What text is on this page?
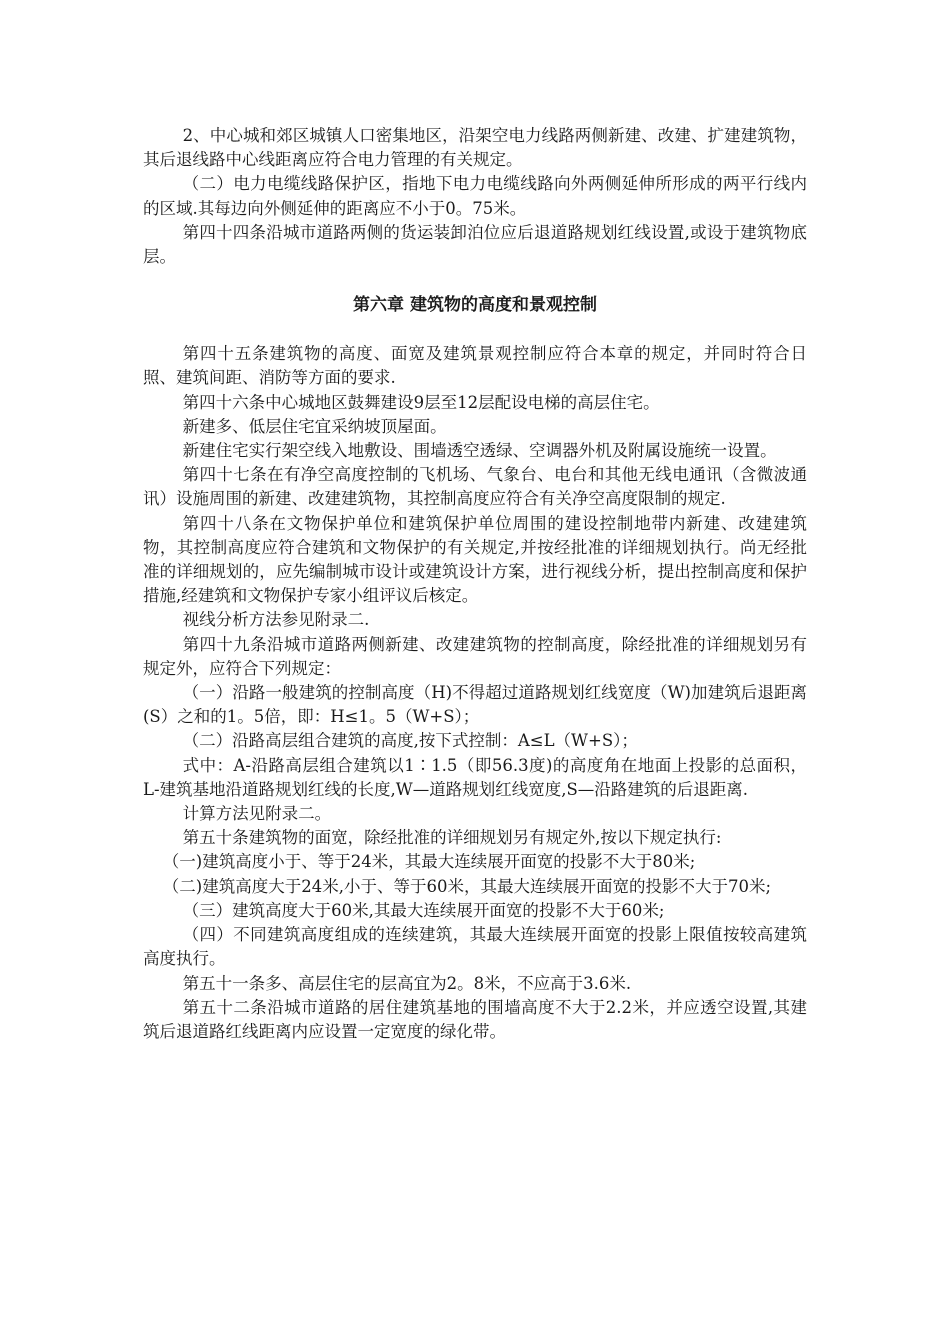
2、中心城和郊区城镇人口密集地区，沿架空电力线路两侧新建、改建、扩建建筑物，其后退线路中心线距离应符合电力管理的有关规定。

（二）电力电缆线路保护区，指地下电力电缆线路向外两侧延伸所形成的两平行线内的区域.其每边向外侧延伸的距离应不小于0。75米。

第四十四条沿城市道路两侧的货运装卸泊位应后退道路规划红线设置,或设于建筑物底层。

第六章 建筑物的高度和景观控制

第四十五条建筑物的高度、面宽及建筑景观控制应符合本章的规定，并同时符合日照、建筑间距、消防等方面的要求.

第四十六条中心城地区鼓舞建设9层至12层配设电梯的高层住宅。

新建多、低层住宅宜采纳坡顶屋面。

新建住宅实行架空线入地敷设、围墙透空透绿、空调器外机及附属设施统一设置。

第四十七条在有净空高度控制的飞机场、气象台、电台和其他无线电通讯（含微波通讯）设施周围的新建、改建建筑物，其控制高度应符合有关净空高度限制的规定.

第四十八条在文物保护单位和建筑保护单位周围的建设控制地带内新建、改建建筑物，其控制高度应符合建筑和文物保护的有关规定,并按经批准的详细规划执行。尚无经批准的详细规划的，应先编制城市设计或建筑设计方案，进行视线分析，提出控制高度和保护措施,经建筑和文物保护专家小组评议后核定。

视线分析方法参见附录二.

第四十九条沿城市道路两侧新建、改建建筑物的控制高度，除经批准的详细规划另有规定外，应符合下列规定：

（一）沿路一般建筑的控制高度（H)不得超过道路规划红线宽度（W)加建筑后退距离(S）之和的1。5倍，即：H≤1。5（W+S）；

（二）沿路高层组合建筑的高度,按下式控制：A≤L（W+S）；

式中：A-沿路高层组合建筑以1∶1.5（即56.3度)的高度角在地面上投影的总面积，L-建筑基地沿道路规划红线的长度,W—道路规划红线宽度,S—沿路建筑的后退距离.

计算方法见附录二。

第五十条建筑物的面宽，除经批准的详细规划另有规定外,按以下规定执行:

（一)建筑高度小于、等于24米，其最大连续展开面宽的投影不大于80米;

（二)建筑高度大于24米,小于、等于60米，其最大连续展开面宽的投影不大于70米;

（三）建筑高度大于60米,其最大连续展开面宽的投影不大于60米;

（四）不同建筑高度组成的连续建筑，其最大连续展开面宽的投影上限值按较高建筑高度执行。

第五十一条多、高层住宅的层高宜为2。8米，不应高于3.6米.

第五十二条沿城市道路的居住建筑基地的围墙高度不大于2.2米，并应透空设置,其建筑后退道路红线距离内应设置一定宽度的绿化带。
